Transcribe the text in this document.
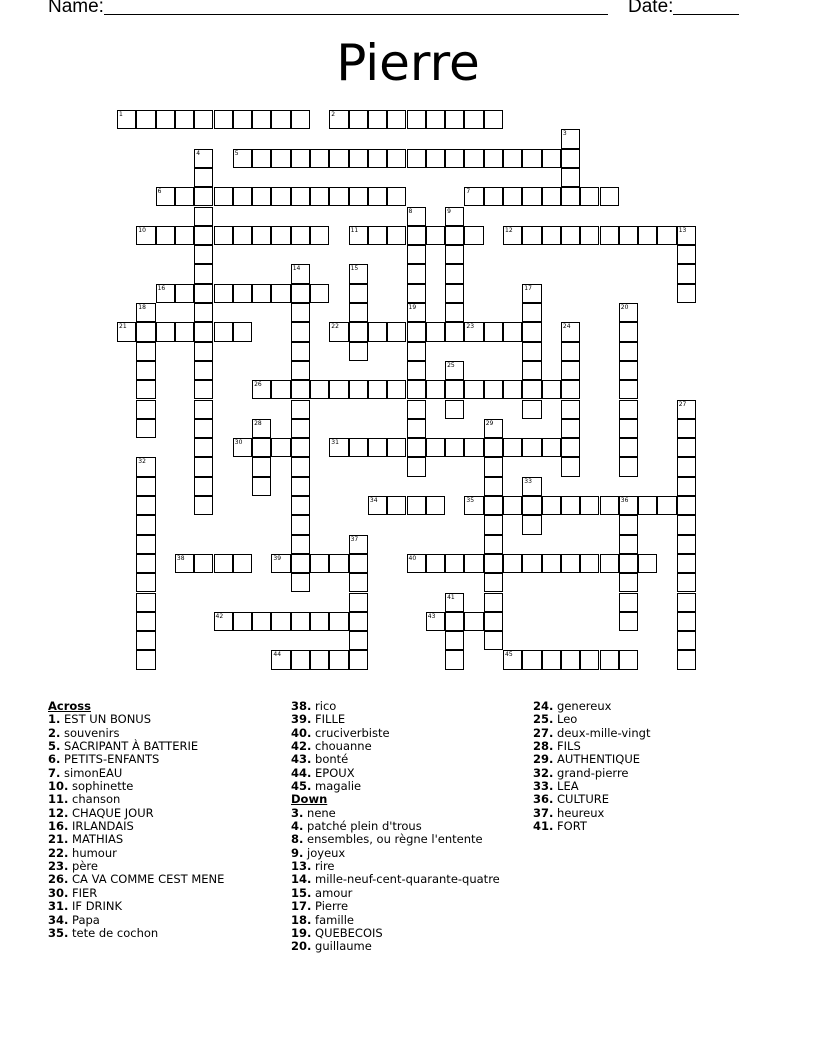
Name:	Date:
Pierre
1	2
3
4	5
6	7
8	9
10	11	12	13
14	15
16	17
18	19	20
21	22	23	24
25
26
27
28	29
30	31
32
33
34	35	36
37
38	39	40
41
42	43
44	45
Across
1. EST UN BONUS
2. souvenirs
5. SACRIPANT À BATTERIE
6. PETITS-ENFANTS
7. simonEAU
10. sophinette
11. chanson
12. CHAQUE JOUR
16. IRLANDAIS
21. MATHIAS
22. humour
23. père
26. CA VA COMME CEST MENE
30. FIER
31. IF DRINK
34. Papa
35. tete de cochon
38. rico
39. FILLE
40. cruciverbiste
42. chouanne
43. bonté
44. EPOUX
45. magalie
Down
3. nene
4. patché plein d'trous
8. ensembles, ou règne l'entente
9. joyeux
13. rire
14. mille-neuf-cent-quarante-quatre
15. amour
17. Pierre
18. famille
19. QUEBECOIS
20. guillaume
24. genereux
25. Leo
27. deux-mille-vingt
28. FILS
29. AUTHENTIQUE
32. grand-pierre
33. LEA
36. CULTURE
37. heureux
41. FORT
